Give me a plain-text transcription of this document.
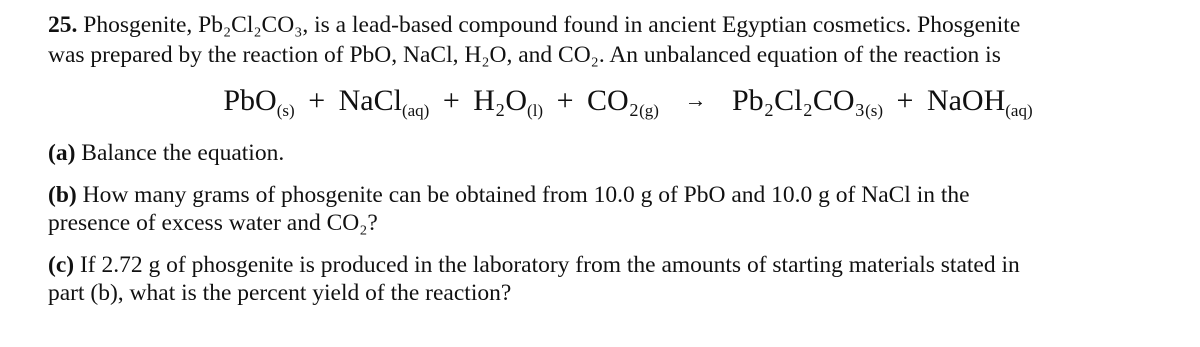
25. Phosgenite, Pb₂Cl₂CO₃, is a lead-based compound found in ancient Egyptian cosmetics. Phosgenite
was prepared by the reaction of PbO, NaCl, H₂O, and CO₂. An unbalanced equation of the reaction is

PbO$_{(s)}$ + NaCl$_{(aq)}$ + $H_2O_{(l)} + CO_2_{(g)} \to Pb_2Cl_2CO_3_{(s)}$ + NaOH$_{(aq)}$

(a) Balance the equation.

(b) How many grams of phosgenite can be obtained from 10.0 g of PbO and 10.0 g of NaCl in the
presence of excess water and CO₂?

(c) If 2.72 g of phosgenite is produced in the laboratory from the amounts of starting materials stated in
part (b), what is the percent yield of the reaction?
